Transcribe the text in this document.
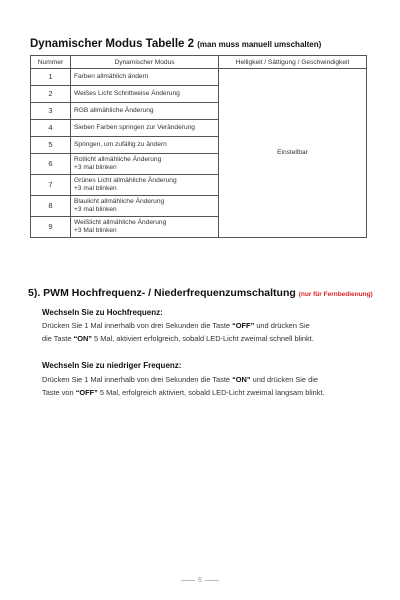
Dynamischer Modus Tabelle 2 (man muss manuell umschalten)
Nummer	Dynamischer Modus	Helligkeit / Sättigung / Geschwindigkeit
1	Farben allmählich ändern	Einstellbar
2	Weißes Licht Schrittweise Änderung	

3	RGB allmähliche Änderung	

4	Sieben Farben springen zur Veränderung	

5	Springen, um zufällig zu ändern	

6	Rotlicht allmähliche Änderung
+3 mal blinken	

7	Grünes Licht allmähliche Änderung
+3 mal blinken	

8	Blaulicht allmähliche Änderung
+3 mal blinken	

9	Weißlicht allmähliche Änderung
+3 Mal blinken	
5). PWM Hochfrequenz- / Niederfrequenzumschaltung (nur für Fernbedienung)
Wechseln Sie zu Hochfrequenz:
Drücken Sie 1 Mal innerhalb von drei Sekunden die Taste “OFF” und drücken Sie
die Taste “ON” 5 Mal, aktiviert erfolgreich, sobald LED-Licht zweimal schnell blinkt.
Wechseln Sie zu niedriger Frequenz:
Drücken Sie 1 Mal innerhalb von drei Sekunden die Taste “ON” und drücken Sie die
Taste von “OFF” 5 Mal, erfolgreich aktiviert, sobald LED-Licht zweimal langsam blinkt.
6
